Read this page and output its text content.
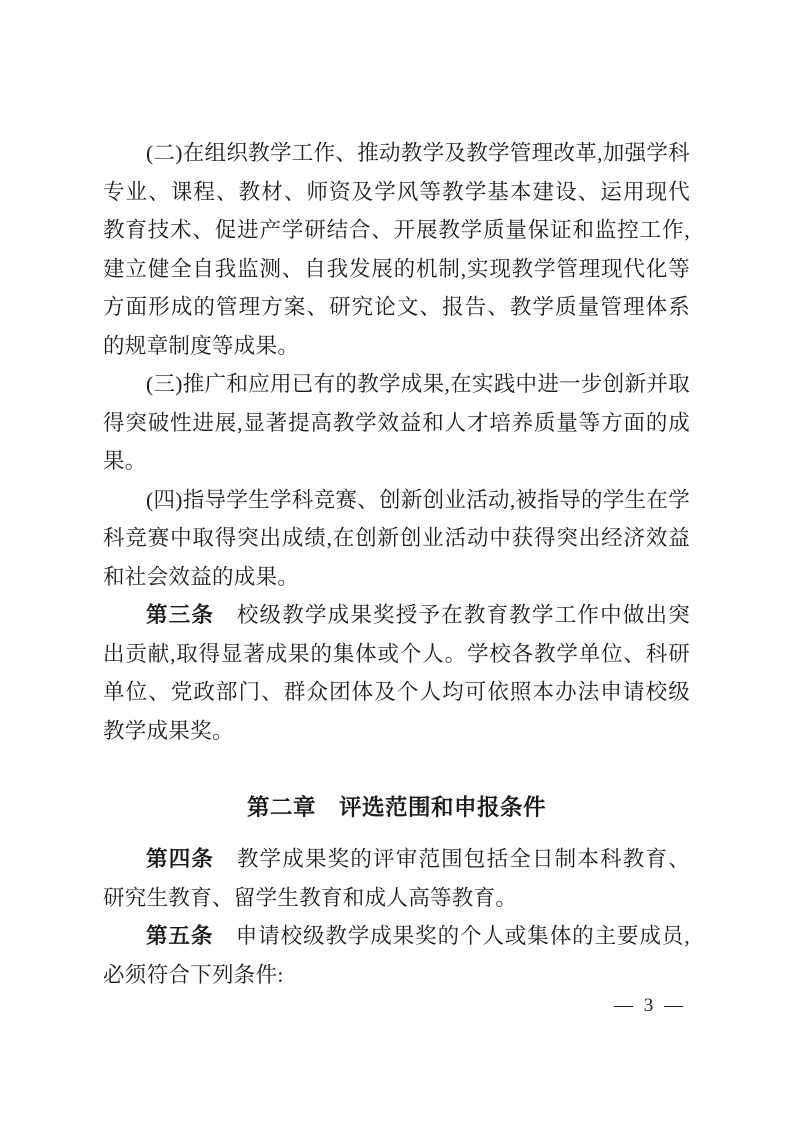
(二)在组织教学工作、推动教学及教学管理改革,加强学科专业、课程、教材、师资及学风等教学基本建设、运用现代教育技术、促进产学研结合、开展教学质量保证和监控工作,建立健全自我监测、自我发展的机制,实现教学管理现代化等方面形成的管理方案、研究论文、报告、教学质量管理体系的规章制度等成果。

(三)推广和应用已有的教学成果,在实践中进一步创新并取得突破性进展,显著提高教学效益和人才培养质量等方面的成果。

(四)指导学生学科竞赛、创新创业活动,被指导的学生在学科竞赛中取得突出成绩,在创新创业活动中获得突出经济效益和社会效益的成果。

第三条　校级教学成果奖授予在教育教学工作中做出突出贡献,取得显著成果的集体或个人。学校各教学单位、科研单位、党政部门、群众团体及个人均可依照本办法申请校级教学成果奖。

第二章　评选范围和申报条件

第四条　教学成果奖的评审范围包括全日制本科教育、研究生教育、留学生教育和成人高等教育。

第五条　申请校级教学成果奖的个人或集体的主要成员,必须符合下列条件:

— 3 —
